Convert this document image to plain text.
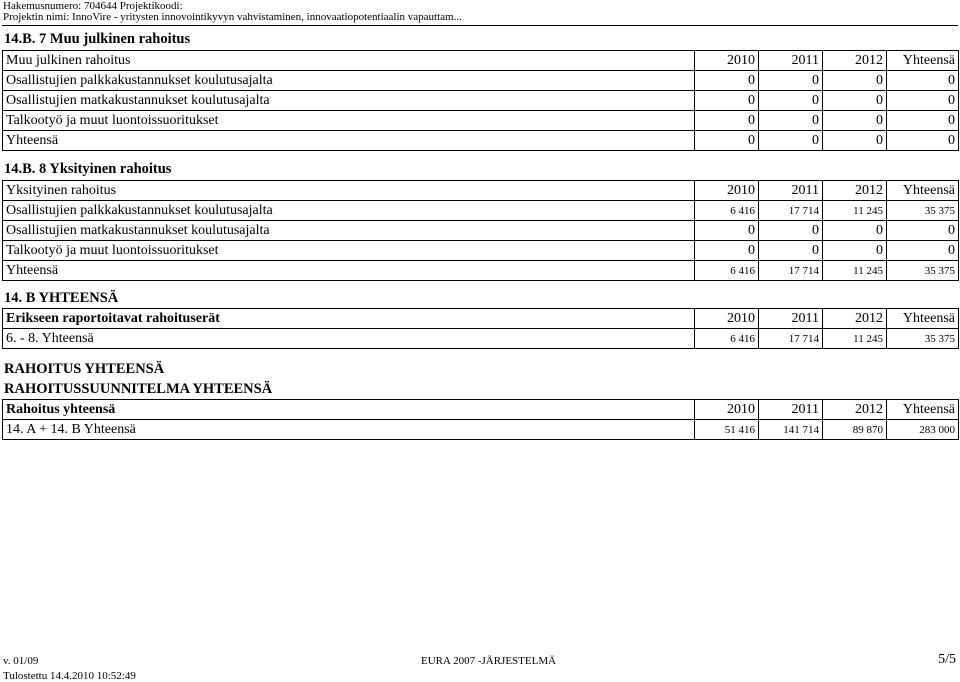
Hakemusnumero: 704644 Projektikoodi:
Projektin nimi: InnoVire - yritysten innovointikyvyn vahvistaminen, innovaatiopotentiaalin vapauttam...
14.B. 7 Muu julkinen rahoitus
Muu julkinen rahoitus	2010	2011	2012	Yhteensä
Osallistujien palkkakustannukset koulutusajalta	0	0	0	0
Osallistujien matkakustannukset koulutusajalta	0	0	0	0
Talkootyö ja muut luontoissuoritukset	0	0	0	0
Yhteensä	0	0	0	0
14.B. 8 Yksityinen rahoitus
Yksityinen rahoitus	2010	2011	2012	Yhteensä
Osallistujien palkkakustannukset koulutusajalta	6 416	17 714	11 245	35 375
Osallistujien matkakustannukset koulutusajalta	0	0	0	0
Talkootyö ja muut luontoissuoritukset	0	0	0	0
Yhteensä	6 416	17 714	11 245	35 375
14. B YHTEENSÄ
Erikseen raportoitavat rahoituserät	2010	2011	2012	Yhteensä
6. - 8. Yhteensä	6 416	17 714	11 245	35 375
RAHOITUS YHTEENSÄ
RAHOITUSSUUNNITELMA YHTEENSÄ
Rahoitus yhteensä	2010	2011	2012	Yhteensä
14. A + 14. B Yhteensä	51 416	141 714	89 870	283 000
v. 01/09	EURA 2007 -JÄRJESTELMÄ	5/5
Tulostettu 14.4.2010 10:52:49
